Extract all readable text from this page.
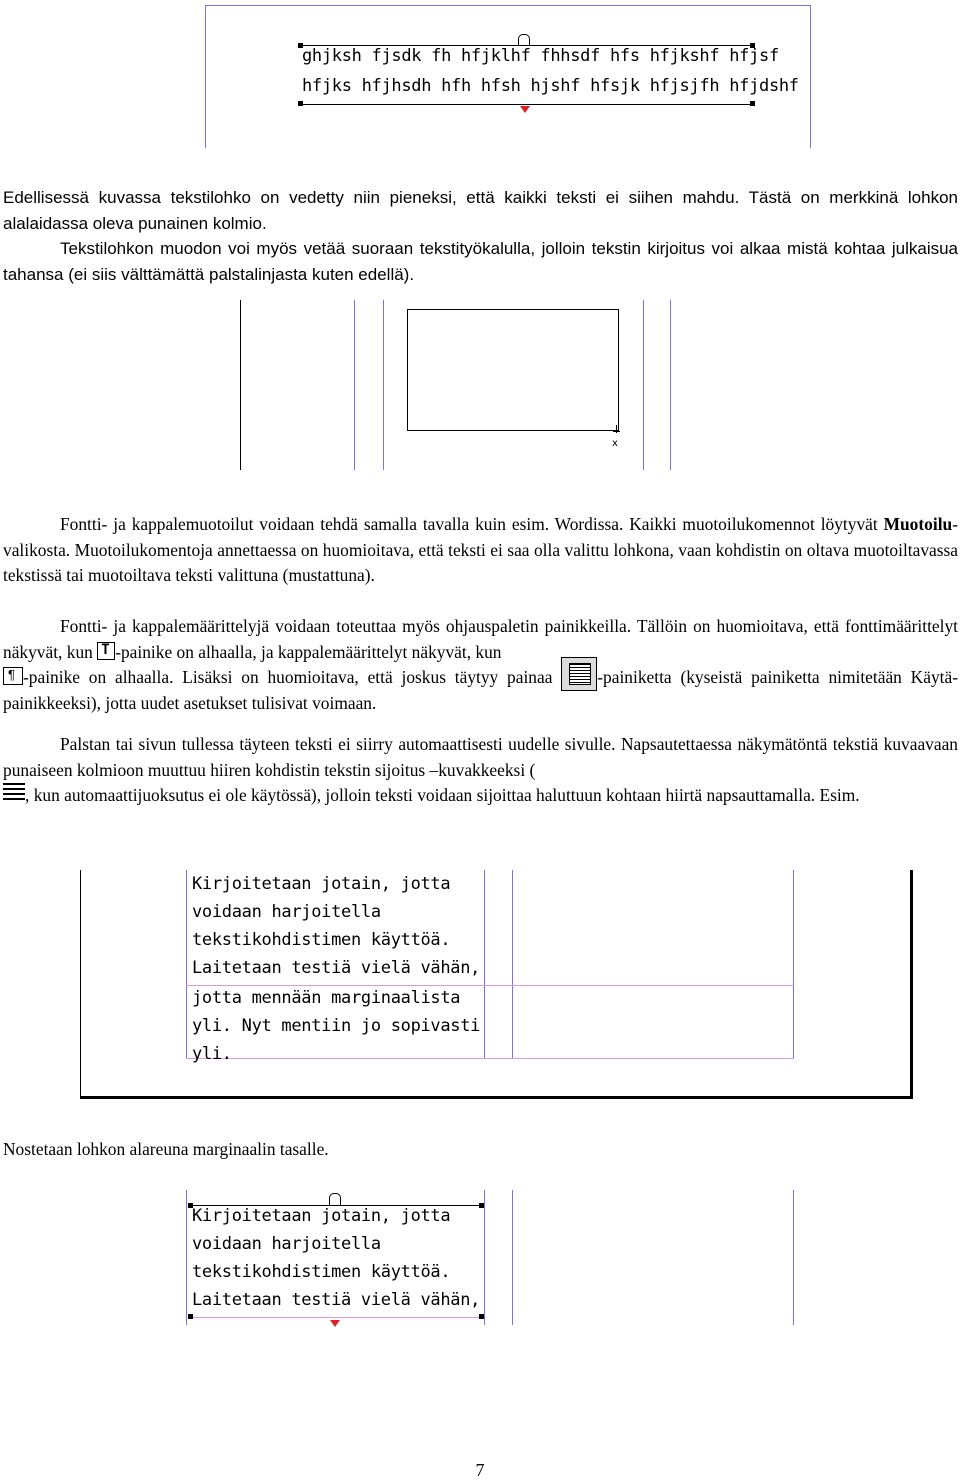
ghjksh fjsdk fh hfjklhf fhhsdf hfs hfjkshf hfjsf
hfjks hfjhsdh hfh hfsh hjshf hfsjk hfjsjfh hfjdshf
Edellisessä kuvassa tekstilohko on vedetty niin pieneksi, että kaikki teksti ei siihen mahdu. Tästä on merkkinä lohkon alalaidassa oleva punainen kolmio.
Tekstilohkon muodon voi myös vetää suoraan tekstityökalulla, jolloin tekstin kirjoitus voi alkaa mistä kohtaa julkaisua tahansa (ei siis välttämättä palstalinjasta kuten edellä).
x
Fontti- ja kappalemuotoilut voidaan tehdä samalla tavalla kuin esim. Wordissa. Kaikki muotoilukomennot löytyvät Muotoilu-valikosta. Muotoilukomentoja annettaessa on huomioitava, että teksti ei saa olla valittu lohkona, vaan kohdistin on oltava muotoiltavassa tekstissä tai muotoiltava teksti valittuna (mustattuna).
Fontti- ja kappalemäärittelyjä voidaan toteuttaa myös ohjauspaletin painikkeilla. Tällöin on huomioitava, että fonttimäärittelyt näkyvät, kun T -painike on alhaalla, ja kappalemäärittelyt näkyvät, kun

¶ -painike on alhaalla. Lisäksi on huomioitava, että joskus täytyy painaa
-painiketta (kyseistä painiketta nimitetään Käytä-painikkeeksi), jotta uudet asetukset tulisivat voimaan.
Palstan tai sivun tullessa täyteen teksti ei siirry automaattisesti uudelle sivulle. Napsautettaessa näkymätöntä tekstiä kuvaavaan punaiseen kolmioon muuttuu hiiren kohdistin tekstin sijoitus –kuvakkeeksi (

, kun automaattijuoksutus ei ole käytössä), jolloin teksti voidaan sijoittaa haluttuun kohtaan hiirtä napsauttamalla. Esim.
Kirjoitetaan jotain, jotta
voidaan harjoitella
tekstikohdistimen käyttöä.
Laitetaan testiä vielä vähän,
jotta mennään marginaalista
yli. Nyt mentiin jo sopivasti
yli.
Nostetaan lohkon alareuna marginaalin tasalle.
Kirjoitetaan jotain, jotta
voidaan harjoitella
tekstikohdistimen käyttöä.
Laitetaan testiä vielä vähän,
7
